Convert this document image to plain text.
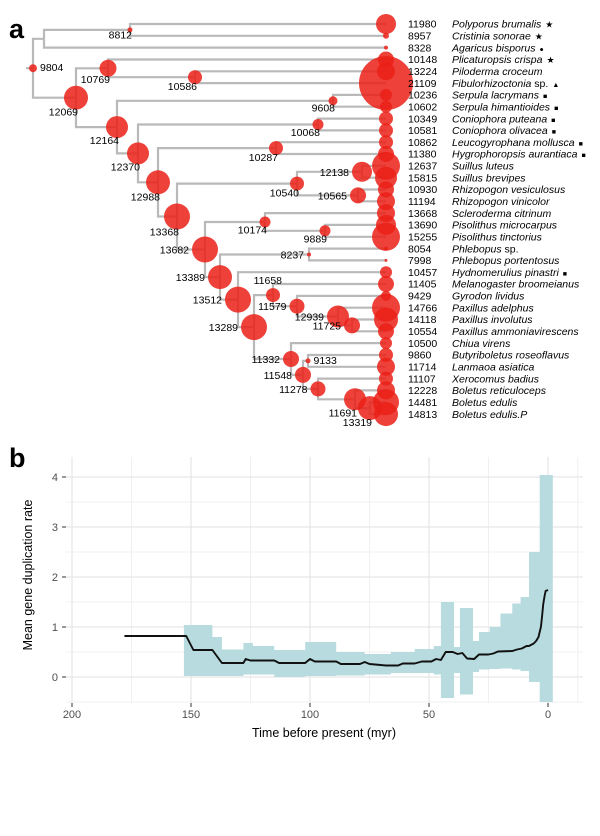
9804
8812
12069
10769
10586
12164
9608
12370
10068
12988
10287
13368
10540
12138
10565
13682
10174
9889
13389
8237
13512
13289
11658
11579
12939
11725
11332	9133
11548
11278
11691
13319
11980 Polyporus brumalis ★
8957 Cristinia sonorae ★
8328 Agaricus bisporus ●
10148 Plicaturopsis crispa ★
13224 Piloderma croceum
21109 Fibulorhizoctonia sp. ▲
10236 Serpula lacrymans ■
10602 Serpula himantioides ■
10349 Coniophora puteana ■
10581 Coniophora olivacea ■
10862 Leucogyrophana mollusca ■
11380 Hygrophoropsis aurantiaca ■
12637 Suillus luteus
15815 Suillus brevipes
10930 Rhizopogon vesiculosus
11194 Rhizopogon vinicolor
13668 Scleroderma citrinum
13690 Pisolithus microcarpus
15255 Pisolithus tinctorius
8054 Phlebopus sp.
7998 Phlebopus portentosus
10457 Hydnomerulius pinastri ■
11405 Melanogaster broomeianus
9429 Gyrodon lividus
14766 Paxillus adelphus
14118 Paxillus involutus
10554 Paxillus ammoniavirescens
10500 Chiua virens
9860 Butyriboletus roseoflavus
11714 Lanmaoa asiatica
11107 Xerocomus badius
12228 Boletus reticuloceps
14481 Boletus edulis
14813 Boletus edulis.P
a
200	150	100	50	0
0
1
2
3
4
b
Time before present (myr)
Mean gene duplication rate
